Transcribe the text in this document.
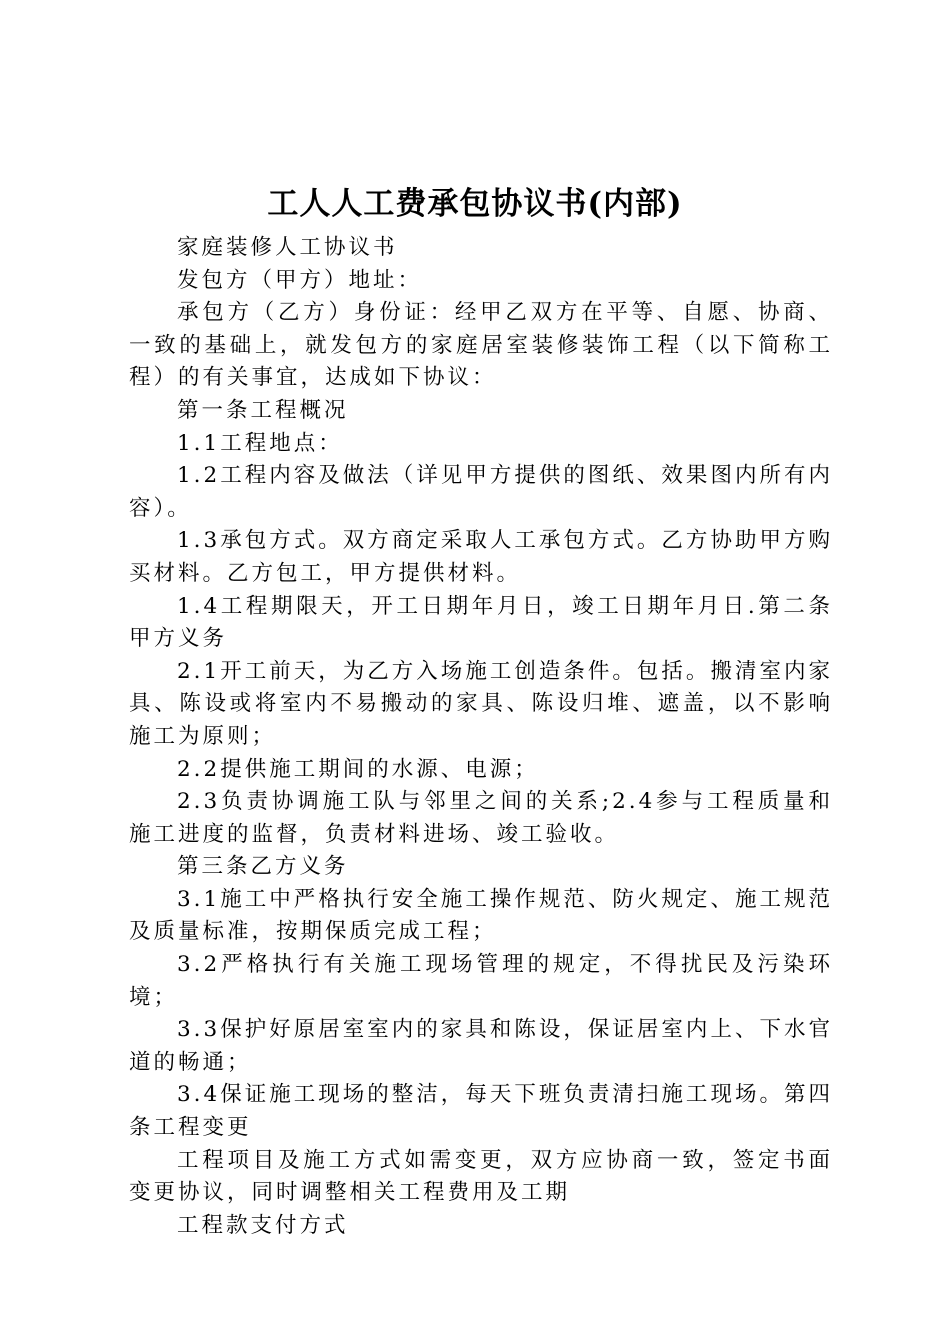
工人人工费承包协议书(内部)

家庭装修人工协议书

发包方（甲方）地址：

承包方（乙方）身份证：经甲乙双方在平等、自愿、协商、一致的基础上，就发包方的家庭居室装修装饰工程（以下简称工程）的有关事宜，达成如下协议：

第一条工程概况

1.1工程地点：

1.2工程内容及做法（详见甲方提供的图纸、效果图内所有内容）。

1.3承包方式。双方商定采取人工承包方式。乙方协助甲方购买材料。乙方包工，甲方提供材料。

1.4工程期限天，开工日期年月日，竣工日期年月日.第二条甲方义务

2.1开工前天，为乙方入场施工创造条件。包括。搬清室内家具、陈设或将室内不易搬动的家具、陈设归堆、遮盖，以不影响施工为原则；

2.2提供施工期间的水源、电源；

2.3负责协调施工队与邻里之间的关系;2.4参与工程质量和施工进度的监督，负责材料进场、竣工验收。

第三条乙方义务

3.1施工中严格执行安全施工操作规范、防火规定、施工规范及质量标准，按期保质完成工程；

3.2严格执行有关施工现场管理的规定，不得扰民及污染环境；

3.3保护好原居室室内的家具和陈设，保证居室内上、下水官道的畅通；

3.4保证施工现场的整洁，每天下班负责清扫施工现场。第四条工程变更

工程项目及施工方式如需变更，双方应协商一致，签定书面变更协议，同时调整相关工程费用及工期

工程款支付方式
